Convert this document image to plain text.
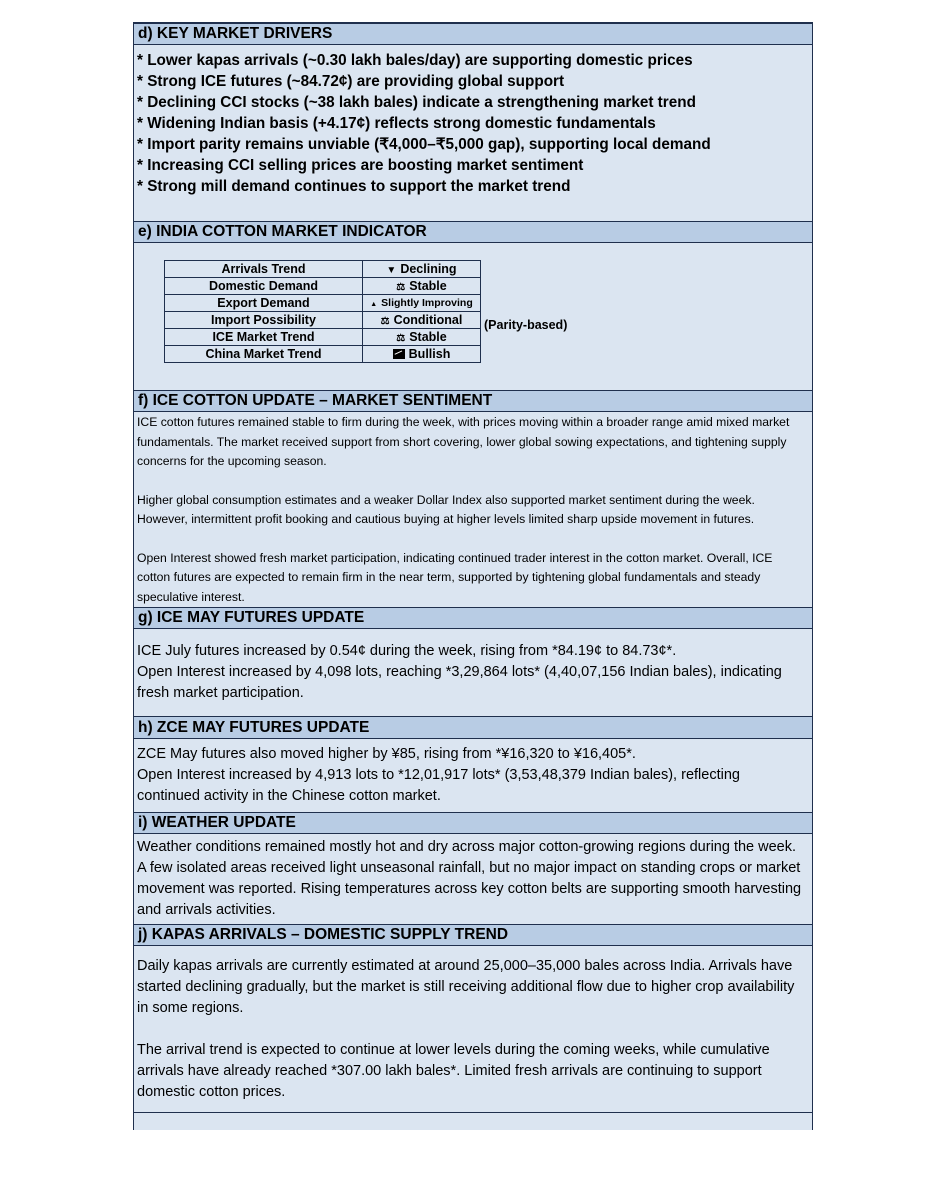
d) KEY MARKET DRIVERS
* Lower kapas arrivals (~0.30 lakh bales/day) are supporting domestic prices
* Strong ICE futures (~84.72¢) are providing global support
* Declining CCI stocks (~38 lakh bales) indicate a strengthening market trend
* Widening Indian basis (+4.17¢) reflects strong domestic fundamentals
* Import parity remains unviable (₹4,000–₹5,000 gap), supporting local demand
* Increasing CCI selling prices are boosting market sentiment
* Strong mill demand continues to support the market trend
e) INDIA COTTON MARKET INDICATOR
Arrivals Trend	▼ Declining
Domestic Demand	⚖ Stable
Export Demand	▲ Slightly Improving
Import Possibility	⚖ Conditional
ICE Market Trend	⚖ Stable
China Market Trend	Bullish
(Parity-based)
f) ICE COTTON UPDATE – MARKET SENTIMENT
ICE cotton futures remained stable to firm during the week, with prices moving within a broader range amid mixed market fundamentals. The market received support from short covering, lower global sowing expectations, and tightening supply concerns for the upcoming season.
Higher global consumption estimates and a weaker Dollar Index also supported market sentiment during the week. However, intermittent profit booking and cautious buying at higher levels limited sharp upside movement in futures.
Open Interest showed fresh market participation, indicating continued trader interest in the cotton market. Overall, ICE cotton futures are expected to remain firm in the near term, supported by tightening global fundamentals and steady speculative interest.
g) ICE MAY FUTURES UPDATE
ICE July futures increased by 0.54¢ during the week, rising from *84.19¢ to 84.73¢*.
Open Interest increased by 4,098 lots, reaching *3,29,864 lots* (4,40,07,156 Indian bales), indicating fresh market participation.
h) ZCE MAY FUTURES UPDATE
ZCE May futures also moved higher by ¥85, rising from *¥16,320 to ¥16,405*.
Open Interest increased by 4,913 lots to *12,01,917 lots* (3,53,48,379 Indian bales), reflecting continued activity in the Chinese cotton market.
i) WEATHER UPDATE
Weather conditions remained mostly hot and dry across major cotton-growing regions during the week. A few isolated areas received light unseasonal rainfall, but no major impact on standing crops or market movement was reported. Rising temperatures across key cotton belts are supporting smooth harvesting and arrivals activities.
j) KAPAS ARRIVALS – DOMESTIC SUPPLY TREND
Daily kapas arrivals are currently estimated at around 25,000–35,000 bales across India. Arrivals have started declining gradually, but the market is still receiving additional flow due to higher crop availability in some regions.
The arrival trend is expected to continue at lower levels during the coming weeks, while cumulative arrivals have already reached *307.00 lakh bales*. Limited fresh arrivals are continuing to support domestic cotton prices.
